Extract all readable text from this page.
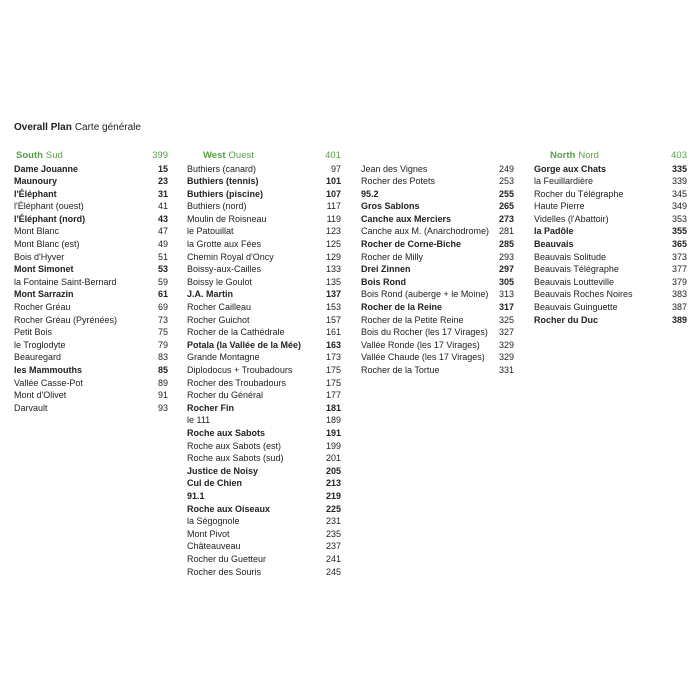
Overall Plan Carte générale
South Sud	399
Dame Jouanne	15
Maunoury	23
l'Éléphant	31
l'Éléphant (ouest)	41
l'Éléphant (nord)	43
Mont Blanc	47
Mont Blanc (est)	49
Bois d'Hyver	51
Mont Simonet	53
la Fontaine Saint-Bernard	59
Mont Sarrazin	61
Rocher Gréau	69
Rocher Gréau (Pyrénées)	73
Petit Bois	75
le Troglodyte	79
Beauregard	83
les Mammouths	85
Vallée Casse-Pot	89
Mont d'Olivet	91
Darvault	93
West Ouest	401
Buthiers (canard)	97
Buthiers (tennis)	101
Buthiers (piscine)	107
Buthiers (nord)	117
Moulin de Roisneau	119
le Patouillat	123
la Grotte aux Fées	125
Chemin Royal d'Oncy	129
Boissy-aux-Cailles	133
Boissy le Goulot	135
J.A. Martin	137
Rocher Cailleau	153
Rocher Guichot	157
Rocher de la Cathédrale	161
Potala (la Vallée de la Mée)	163
Grande Montagne	173
Diplodocus + Troubadours	175
Rocher des Troubadours	175
Rocher du Général	177
Rocher Fin	181
le 111	189
Roche aux Sabots	191
Roche aux Sabots (est)	199
Roche aux Sabots (sud)	201
Justice de Noisy	205
Cul de Chien	213
91.1	219
Roche aux Oiseaux	225
la Ségognole	231
Mont Pivot	235
Châteauveau	237
Rocher du Guetteur	241
Rocher des Souris	245
Jean des Vignes	249
Rocher des Potets	253
95.2	255
Gros Sablons	265
Canche aux Merciers	273
Canche aux M. (Anarchodrome) 281
Rocher de Corne-Biche	285
Rocher de Milly	293
Drei Zinnen	297
Bois Rond	305
Bois Rond (auberge + le Moine) 313
Rocher de la Reine	317
Rocher de la Petite Reine	325
Bois du Rocher (les 17 Virages) 327
Vallée Ronde (les 17 Virages) 329
Vallée Chaude (les 17 Virages) 329
Rocher de la Tortue	331
North Nord	403
Gorge aux Chats	335
la Feuillardière	339
Rocher du Télégraphe	345
Haute Pierre	349
Videlles (l'Abattoir)	353
la Padôle	355
Beauvais	365
Beauvais Solitude	373
Beauvais Télégraphe	377
Beauvais Loutteville	379
Beauvais Roches Noires	383
Beauvais Guinguette	387
Rocher du Duc	389
